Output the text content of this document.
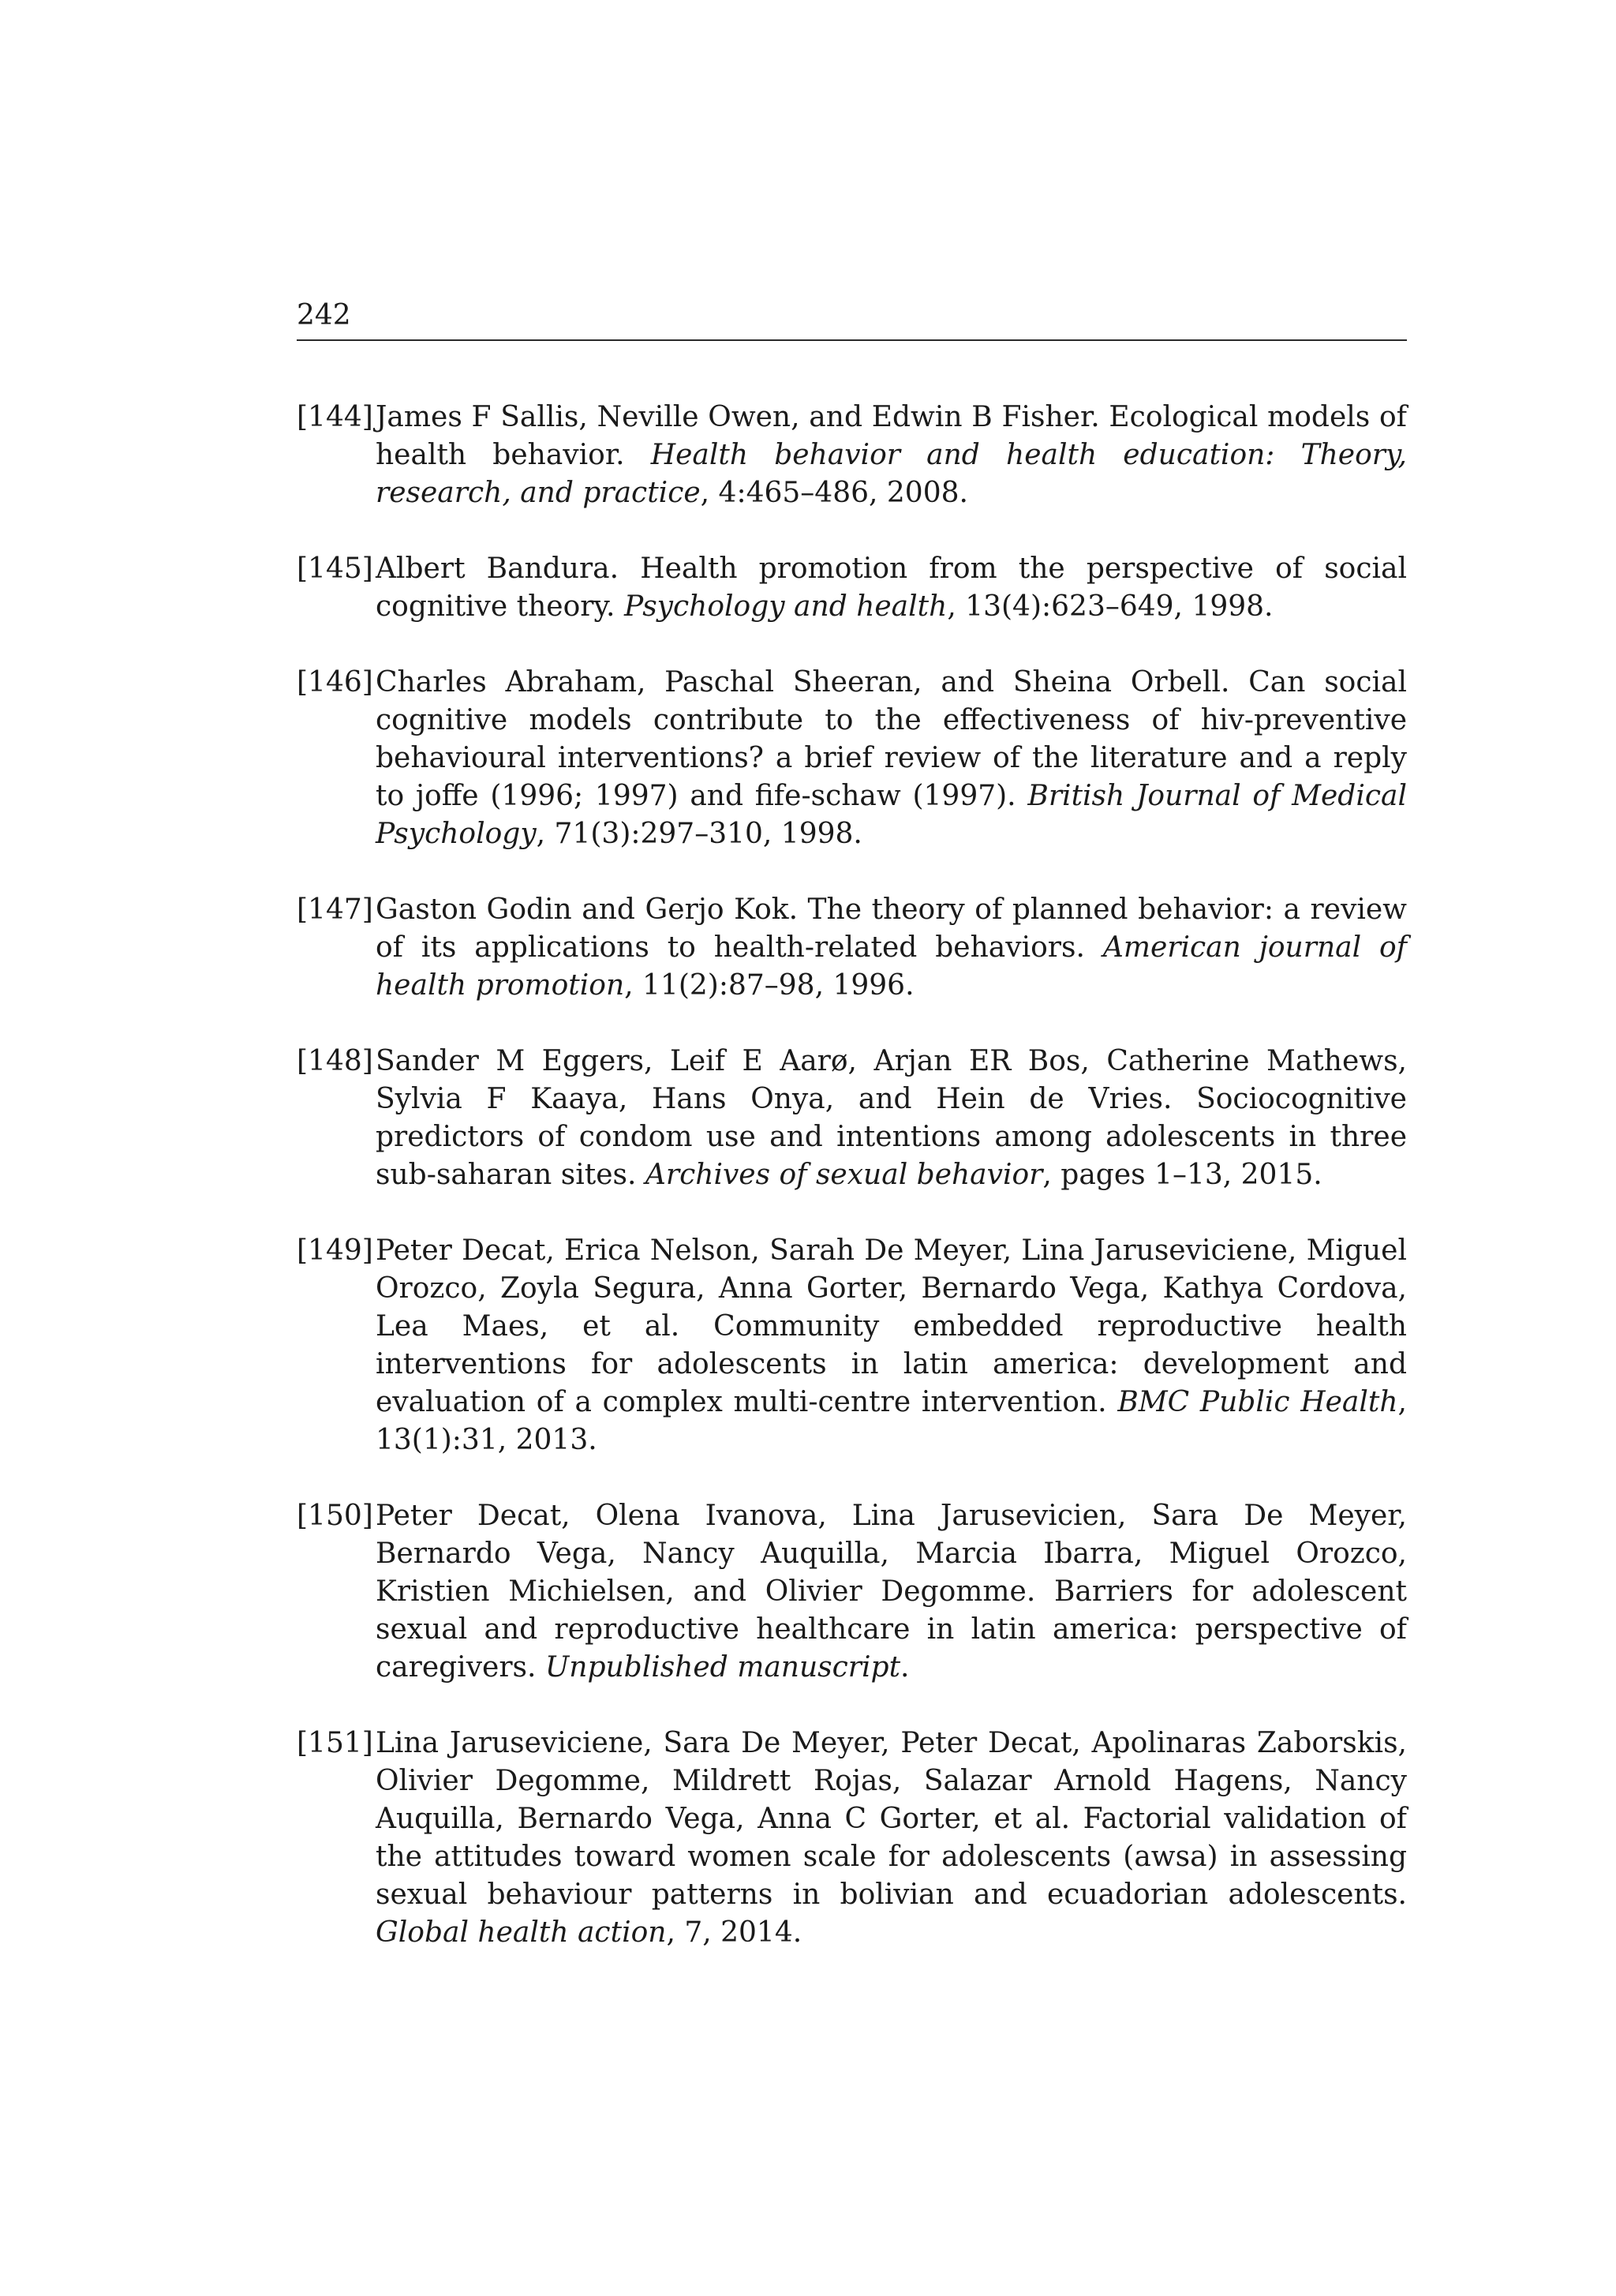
242
[144] James F Sallis, Neville Owen, and Edwin B Fisher. Ecological models of health behavior. Health behavior and health education: Theory, research, and practice, 4:465–486, 2008.
[145] Albert Bandura. Health promotion from the perspective of social cognitive theory. Psychology and health, 13(4):623–649, 1998.
[146] Charles Abraham, Paschal Sheeran, and Sheina Orbell. Can social cognitive models contribute to the effectiveness of hiv-preventive behavioural interventions? a brief review of the literature and a reply to joffe (1996; 1997) and fife-schaw (1997). British Journal of Medical Psychology, 71(3):297–310, 1998.
[147] Gaston Godin and Gerjo Kok. The theory of planned behavior: a review of its applications to health-related behaviors. American journal of health promotion, 11(2):87–98, 1996.
[148] Sander M Eggers, Leif E Aarø, Arjan ER Bos, Catherine Mathews, Sylvia F Kaaya, Hans Onya, and Hein de Vries. Sociocognitive predictors of condom use and intentions among adolescents in three sub-saharan sites. Archives of sexual behavior, pages 1–13, 2015.
[149] Peter Decat, Erica Nelson, Sarah De Meyer, Lina Jaruseviciene, Miguel Orozco, Zoyla Segura, Anna Gorter, Bernardo Vega, Kathya Cordova, Lea Maes, et al. Community embedded reproductive health interventions for adolescents in latin america: development and evaluation of a complex multi-centre intervention. BMC Public Health, 13(1):31, 2013.
[150] Peter Decat, Olena Ivanova, Lina Jarusevicien, Sara De Meyer, Bernardo Vega, Nancy Auquilla, Marcia Ibarra, Miguel Orozco, Kristien Michielsen, and Olivier Degomme. Barriers for adolescent sexual and reproductive healthcare in latin america: perspective of caregivers. Unpublished manuscript.
[151] Lina Jaruseviciene, Sara De Meyer, Peter Decat, Apolinaras Zaborskis, Olivier Degomme, Mildrett Rojas, Salazar Arnold Hagens, Nancy Auquilla, Bernardo Vega, Anna C Gorter, et al. Factorial validation of the attitudes toward women scale for adolescents (awsa) in assessing sexual behaviour patterns in bolivian and ecuadorian adolescents. Global health action, 7, 2014.
